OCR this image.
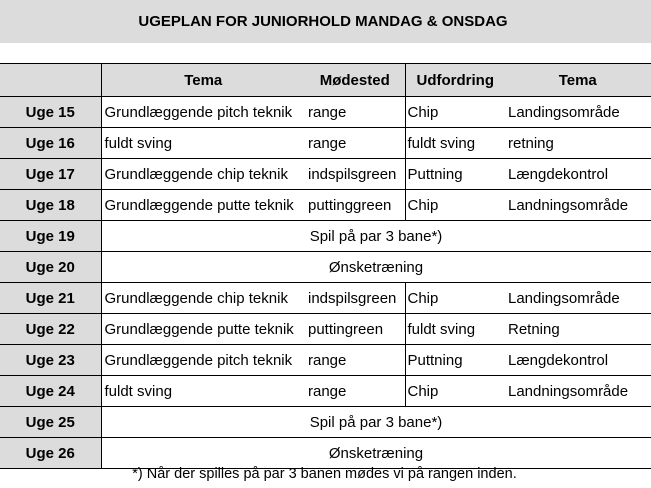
UGEPLAN FOR JUNIORHOLD MANDAG & ONSDAG
	Tema	Mødested	Udfordring	Tema
Uge 15	Grundlæggende pitch teknik	range	Chip	Landingsområde
Uge 16	fuldt sving	range	fuldt sving	retning
Uge 17	Grundlæggende chip teknik	indspilsgreen	Puttning	Længdekontrol
Uge 18	Grundlæggende putte teknik	puttinggreen	Chip	Landningsområde
Uge 19	Spil på par 3 bane*)			
Uge 20	Ønsketræning			
Uge 21	Grundlæggende chip teknik	indspilsgreen	Chip	Landingsområde
Uge 22	Grundlæggende putte teknik	puttingreen	fuldt sving	Retning
Uge 23	Grundlæggende pitch teknik	range	Puttning	Længdekontrol
Uge 24	fuldt sving	range	Chip	Landningsområde
Uge 25	Spil på par 3 bane*)			
Uge 26	Ønsketræning			
*) Når der spilles på par 3 banen mødes vi på rangen inden.
